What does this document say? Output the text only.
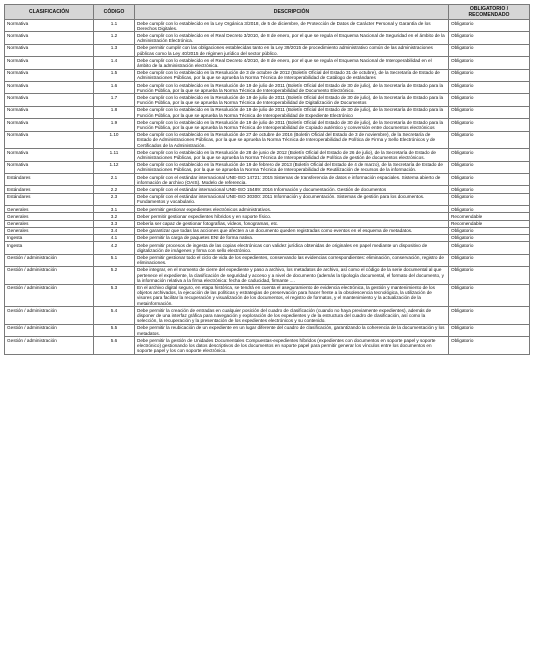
CLASIFICACIÓN	CÓDIGO	DESCRIPCIÓN	OBLIGATORIO / RECOMENDADO
Normativa	1.1	Debe cumplir con lo establecido en la Ley Orgánica 3/2018, de 5 de diciembre, de Protección de Datos de Carácter Personal y Garantía de los Derechos Digitales.	Obligatorio
Normativa	1.2	Debe cumplir con lo establecido en el Real Decreto 3/2010, de 8 de enero, por el que se regula el Esquema Nacional de Seguridad en el ámbito de la Administración Electrónica.	Obligatorio
Normativa	1.3	Debe permitir cumplir con las obligaciones establecidas tanto en la Ley 39/2015 de procedimiento administrativo común de las administraciones públicas como la Ley 40/2015 de régimen jurídico del sector público.	Obligatorio
Normativa	1.4	Debe cumplir con lo establecido en el Real Decreto 4/2010, de 8 de enero, por el que se regula el Esquema Nacional de Interoperabilidad en el ámbito de la administración electrónica.	Obligatorio
Normativa	1.5	Debe cumplir con lo establecido en la Resolución de 3 de octubre de 2012 (Boletín Oficial del Estado 31 de octubre), de la Secretaría de Estado de Administraciones Públicas, por la que se aprueba la Norma Técnica de Interoperabilidad de Catálogo de estándares	Obligatorio
Normativa	1.6	Debe cumplir con lo establecido en la Resolución de 19 de julio de 2011 (Boletín Oficial del Estado de 30 de julio), de la Secretaría de Estado para la Función Pública, por la que se aprueba la Norma Técnica de Interoperabilidad de Documento Electrónico.	Obligatorio
Normativa	1.7	Debe cumplir con lo establecido en la Resolución de 19 de julio de 2011 (Boletín Oficial del Estado de 30 de julio), de la Secretaría de Estado para la Función Pública, por la que se aprueba la Norma Técnica de Interoperabilidad de Digitalización de Documentos	Obligatorio
Normativa	1.8	Debe cumplir con lo establecido en la Resolución de 19 de julio de 2011 (Boletín Oficial del Estado de 30 de julio), de la Secretaría de Estado para la Función Pública, por la que se aprueba la Norma Técnica de Interoperabilidad de Expediente Electrónico	Obligatorio
Normativa	1.9	Debe cumplir con lo establecido en la Resolución de 19 de julio de 2011 (Boletín Oficial del Estado de 30 de julio), de la Secretaría de Estado para la Función Pública, por la que se aprueba la Norma Técnica de Interoperabilidad de Copiado auténtico y conversión entre documentos electrónicos	Obligatorio
Normativa	1.10	Debe cumplir con lo establecido en la Resolución de 27 de octubre de 2016 (Boletín Oficial del Estado de 3 de noviembre), de la Secretaría de Estado de Administraciones Públicas, por la que se aprueba la Norma Técnica de Interoperabilidad de Política de Firma y Sello Electrónicos y de Certificados de la Administración.	Obligatorio
Normativa	1.11	Debe cumplir con lo establecido en la Resolución de 28 de junio de 2012 (Boletín Oficial del Estado de 26 de julio), de la Secretaría de Estado de Administraciones Públicas, por la que se aprueba la Norma Técnica de Interoperabilidad de Política de gestión de documentos electrónicos.	Obligatorio
Normativa	1.12	Debe cumplir con lo establecido en la Resolución de 19 de febrero de 2013 (Boletín Oficial del Estado de 4 de marzo), de la Secretaría de Estado de Administraciones Públicas, por la que se aprueba la Norma Técnica de Interoperabilidad de Reutilización de recursos de la información.	Obligatorio
Estándares	2.1	Debe cumplir con el estándar internacional UNE-ISO 14721: 2015 Sistemas de transferencia de datos e información espaciales. Sistema abierto de información de archivo (OAIS). Modelo de referencia.	Obligatorio
Estándares	2.2	Debe cumplir con el estándar internacional UNE-ISO 15489: 2016 Información y documentación. Gestión de documentos	Obligatorio
Estándares	2.3	Debe cumplir con el estándar internacional UNE-ISO 30300: 2011 Información y documentación. Sistemas de gestión para los documentos. Fundamentos y vocabulario.	Obligatorio
Generales	3.1	Debe permitir gestionar expedientes electrónicos administrativos.	Obligatorio
Generales	3.2	Deber permitir gestionar expedientes híbridos y en soporte físico.	Recomendable
Generales	3.3	Debería ser capaz de gestionar fotografías, vídeos, fonogramas, etc.	Recomendable
Generales	3.4	Debe garantizar que todas las acciones que afecten a un documento queden registradas como eventos en el esquema de metadatos.	Obligatorio
Ingesta	4.1	Debe permitir la carga de paquetes ENI de forma nativa.	Obligatorio
Ingesta	4.2	Debe permitir procesos de ingesta de las copias electrónicas con validez jurídica obtenidas de originales en papel mediante un dispositivo de digitalización de imágenes y firma con sello electrónico.	Obligatorio
Gestión / administración	5.1	Debe permitir gestionar todo el ciclo de vida de los expedientes, conservando las evidencias correspondientes: eliminación, conservación, registro de eliminaciones.	Obligatorio
Gestión / administración	5.2	Debe integrar, en el momento de cierre del expediente y paso a archivo, los metadatos de archivo, así como el código de la serie documental al que pertenece el expediente, la clasificación de seguridad y acceso y a nivel de documento (además la tipología documental, el formato del documento, y la información relativa a la firma electrónica: fecha de caducidad, firmante ....	Obligatorio
Gestión / administración	5.3	En el archivo digital seguro, en etapa histórica, se tendrá en cuenta el aseguramiento de evidencia electrónica, la gestión y mantenimiento de los objetos archivados, la ejecución de las políticas y estrategias de preservación para hacer frente a la obsolescencia tecnológica, la utilización de visores para facilitar la recuperación y visualización de los documentos, el registro de formatos, y el mantenimiento y la actualización de la metainformación.	Obligatorio
Gestión / administración	5.4	Debe permitir la creación de entradas en cualquier posición del cuadro de clasificación (cuando no haya previamente expedientes), además de disponer de una interfaz gráfica para navegación y exploración de los expedientes y de la estructura del cuadro de clasificación, así como la selección, la recuperación y la presentación de los expedientes electrónicos y su contenido.	Obligatorio
Gestión / administración	5.5	Debe permitir la reubicación de un expediente en un lugar diferente del cuadro de clasificación, garantizando la coherencia de la documentación y los metadatos.	Obligatorio
Gestión / administración	5.6	Debe permitir la gestión de Unidades Documentales Compuestas-expedientes híbridos (expedientes con documentos en soporte papel y soporte electrónico) gestionando los datos descriptivos de los documentos en soporte papel para permitir generar los vínculos entre los documentos en soporte papel y los con soporte electrónico.	Obligatorio
